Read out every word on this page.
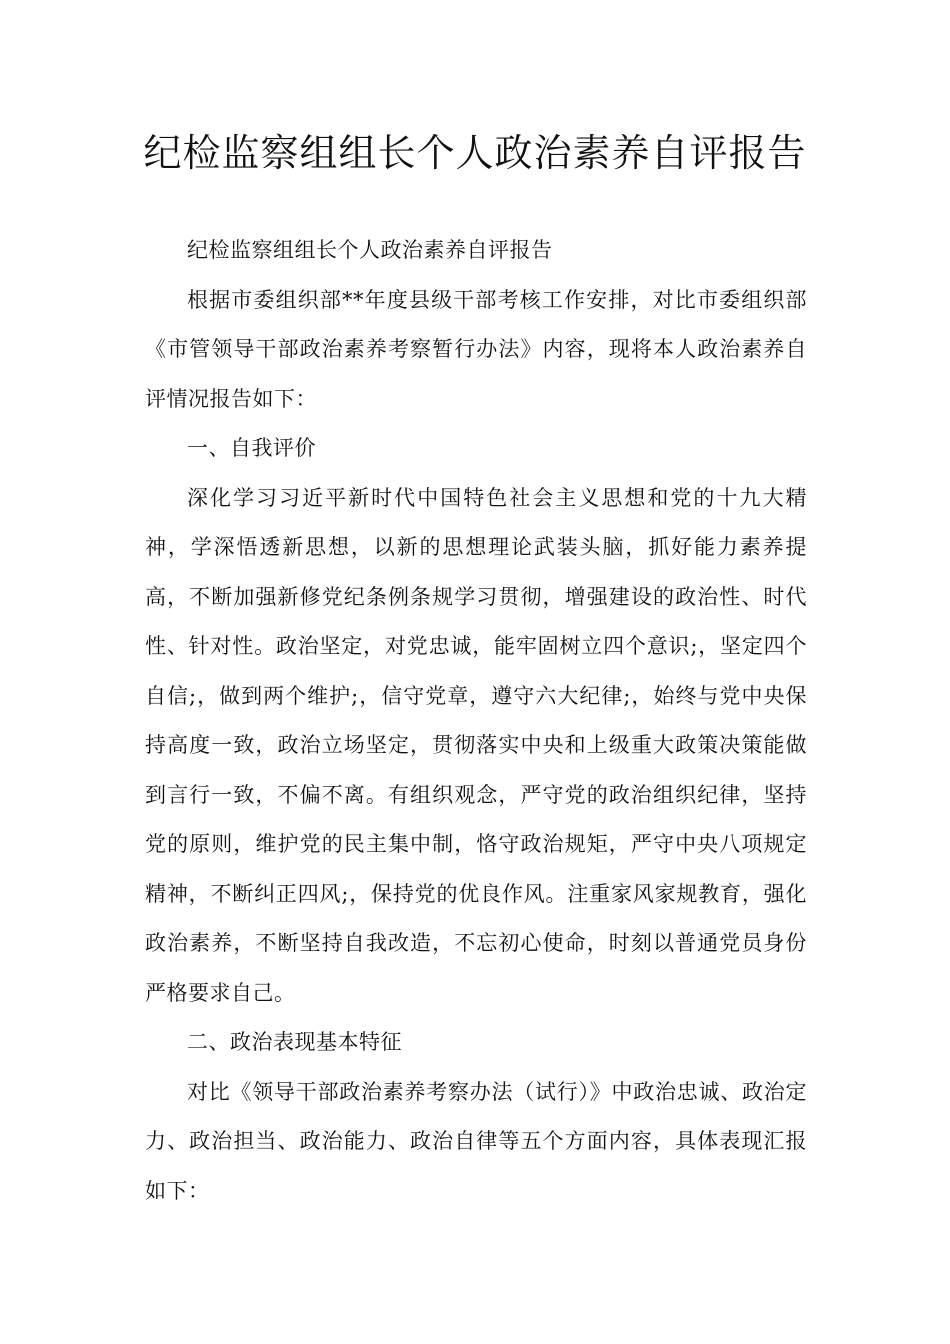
纪检监察组组长个人政治素养自评报告

纪检监察组组长个人政治素养自评报告

根据市委组织部**年度县级干部考核工作安排，对比市委组织部《市管领导干部政治素养考察暂行办法》内容，现将本人政治素养自评情况报告如下：

一、自我评价

深化学习习近平新时代中国特色社会主义思想和党的十九大精神，学深悟透新思想，以新的思想理论武装头脑，抓好能力素养提高，不断加强新修党纪条例条规学习贯彻，增强建设的政治性、时代性、针对性。政治坚定，对党忠诚，能牢固树立四个意识;，坚定四个自信;，做到两个维护;，信守党章，遵守六大纪律;，始终与党中央保持高度一致，政治立场坚定，贯彻落实中央和上级重大政策决策能做到言行一致，不偏不离。有组织观念，严守党的政治组织纪律，坚持党的原则，维护党的民主集中制，恪守政治规矩，严守中央八项规定精神，不断纠正四风;，保持党的优良作风。注重家风家规教育，强化政治素养，不断坚持自我改造，不忘初心使命，时刻以普通党员身份严格要求自己。

二、政治表现基本特征

对比《领导干部政治素养考察办法（试行）》中政治忠诚、政治定力、政治担当、政治能力、政治自律等五个方面内容，具体表现汇报如下：
